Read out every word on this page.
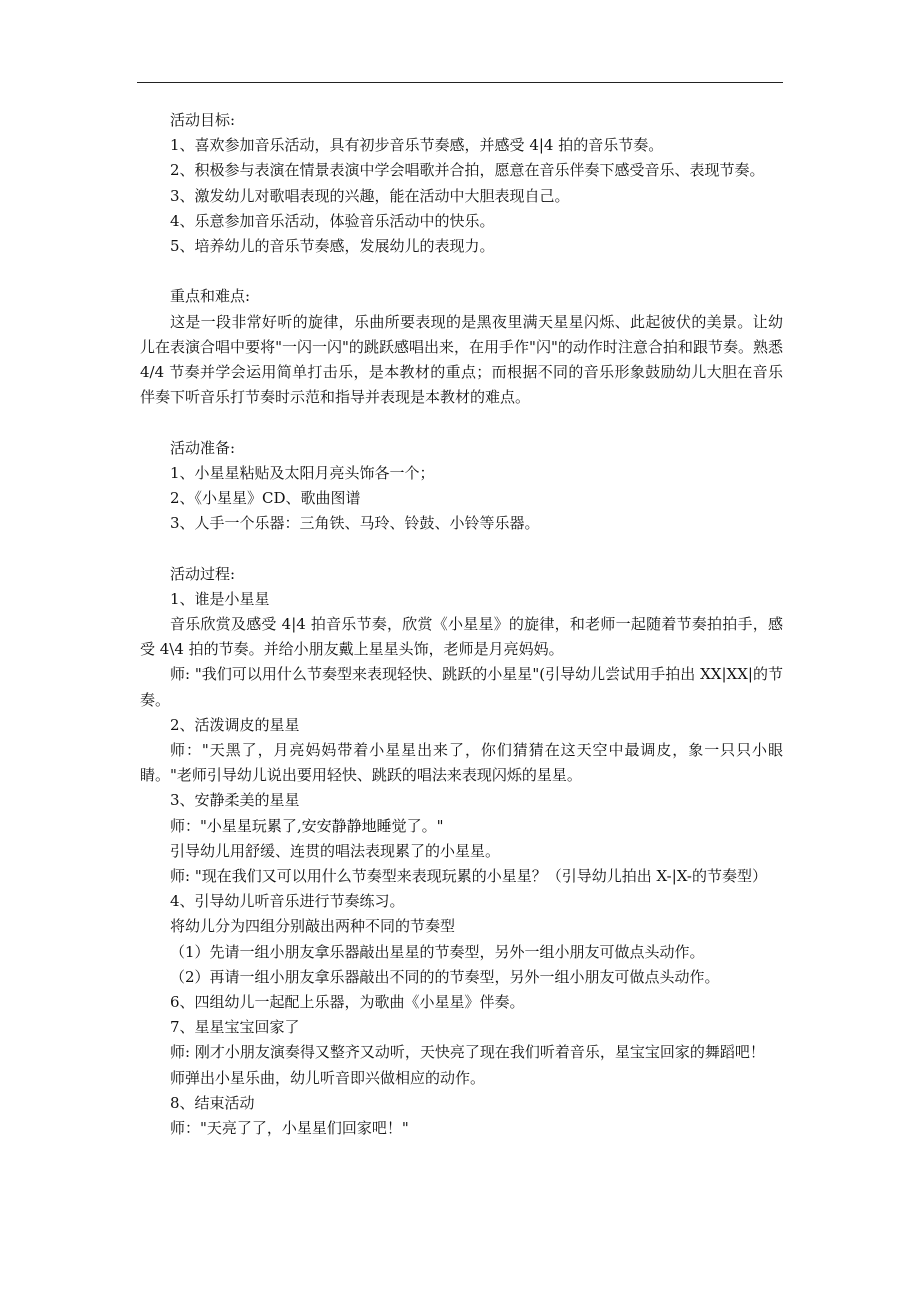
活动目标:

1、喜欢参加音乐活动，具有初步音乐节奏感，并感受 4|4 拍的音乐节奏。

2、积极参与表演在情景表演中学会唱歌并合拍，愿意在音乐伴奏下感受音乐、表现节奏。

3、激发幼儿对歌唱表现的兴趣，能在活动中大胆表现自己。

4、乐意参加音乐活动，体验音乐活动中的快乐。

5、培养幼儿的音乐节奏感，发展幼儿的表现力。

重点和难点:

这是一段非常好听的旋律，乐曲所要表现的是黑夜里满天星星闪烁、此起彼伏的美景。让幼儿在表演合唱中要将"一闪一闪"的跳跃感唱出来，在用手作"闪"的动作时注意合拍和跟节奏。熟悉 4/4 节奏并学会运用简单打击乐，是本教材的重点；而根据不同的音乐形象鼓励幼儿大胆在音乐伴奏下听音乐打节奏时示范和指导并表现是本教材的难点。

活动准备:

1、小星星粘贴及太阳月亮头饰各一个；

2、《小星星》CD、歌曲图谱

3、人手一个乐器：三角铁、马玲、铃鼓、小铃等乐器。

活动过程:

1、谁是小星星

音乐欣赏及感受 4|4 拍音乐节奏，欣赏《小星星》的旋律，和老师一起随着节奏拍拍手，感受 4\4 拍的节奏。并给小朋友戴上星星头饰，老师是月亮妈妈。

师: "我们可以用什么节奏型来表现轻快、跳跃的小星星"(引导幼儿尝试用手拍出 XX|XX|的节奏。

2、活泼调皮的星星

师："天黑了，月亮妈妈带着小星星出来了，你们猜猜在这天空中最调皮，象一只只小眼睛。"老师引导幼儿说出要用轻快、跳跃的唱法来表现闪烁的星星。

3、安静柔美的星星

师："小星星玩累了,安安静静地睡觉了。"

引导幼儿用舒缓、连贯的唱法表现累了的小星星。

师: "现在我们又可以用什么节奏型来表现玩累的小星星？（引导幼儿拍出 X-|X-的节奏型）

4、引导幼儿听音乐进行节奏练习。

将幼儿分为四组分别敲出两种不同的节奏型

（1）先请一组小朋友拿乐器敲出星星的节奏型，另外一组小朋友可做点头动作。

（2）再请一组小朋友拿乐器敲出不同的的节奏型，另外一组小朋友可做点头动作。

6、四组幼儿一起配上乐器，为歌曲《小星星》伴奏。

7、星星宝宝回家了

师: 刚才小朋友演奏得又整齐又动听，天快亮了现在我们听着音乐，星宝宝回家的舞蹈吧！

师弹出小星乐曲，幼儿听音即兴做相应的动作。

8、结束活动

师："天亮了了，小星星们回家吧！"
